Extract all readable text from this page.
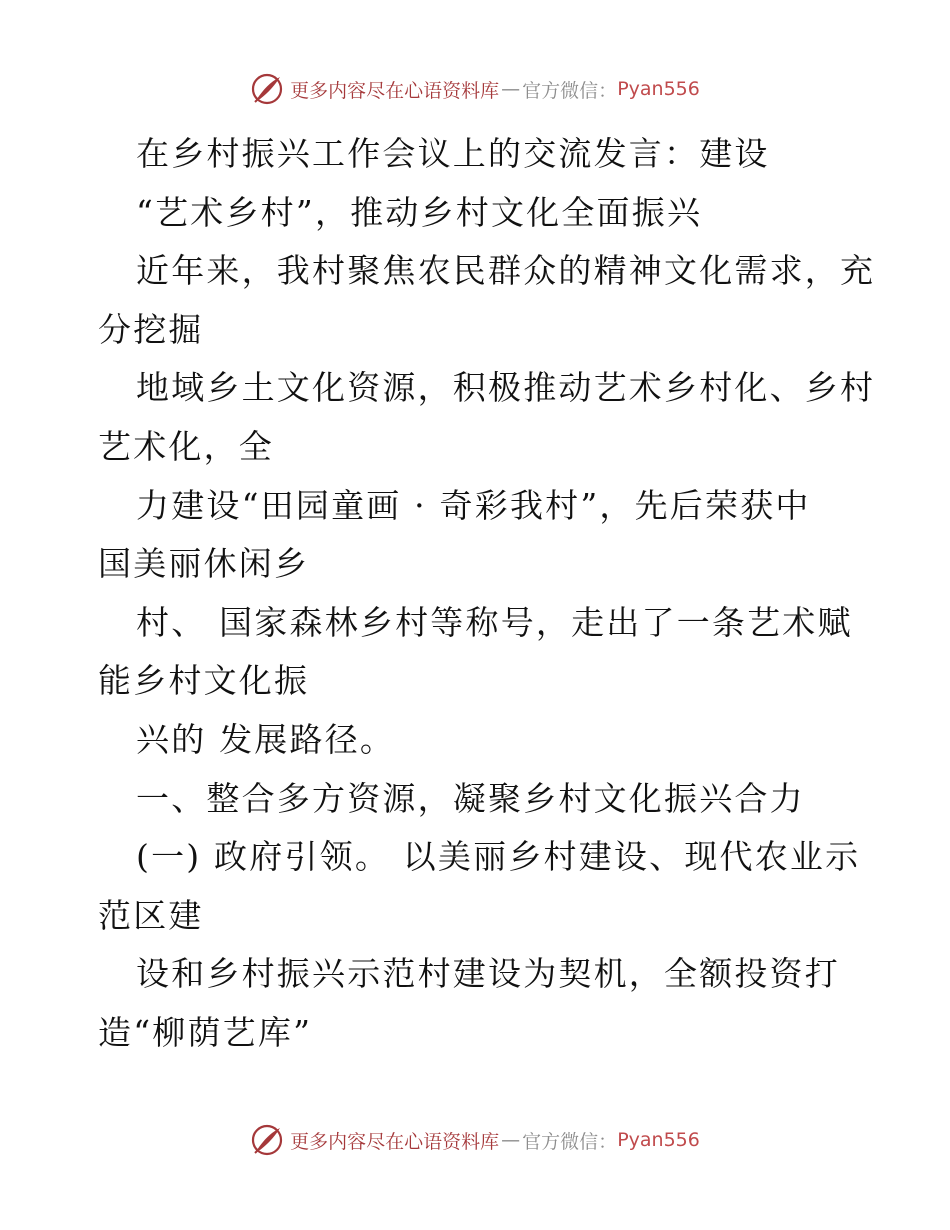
更多内容尽在心语资料库 — 官方微信： Pyan556
在乡村振兴工作会议上的交流发言：建设
“艺术乡村”，推动乡村文化全面振兴
近年来，我村聚焦农民群众的精神文化需求，充
分挖掘
地域乡土文化资源，积极推动艺术乡村化、乡村
艺术化，全
力建设“田园童画 · 奇彩我村”，先后荣获中
国美丽休闲乡
村、 国家森林乡村等称号，走出了一条艺术赋
能乡村文化振
兴的 发展路径。
一、整合多方资源，凝聚乡村文化振兴合力
(一) 政府引领。 以美丽乡村建设、现代农业示
范区建
设和乡村振兴示范村建设为契机，全额投资打
造“柳荫艺库”
更多内容尽在心语资料库 — 官方微信： Pyan556
